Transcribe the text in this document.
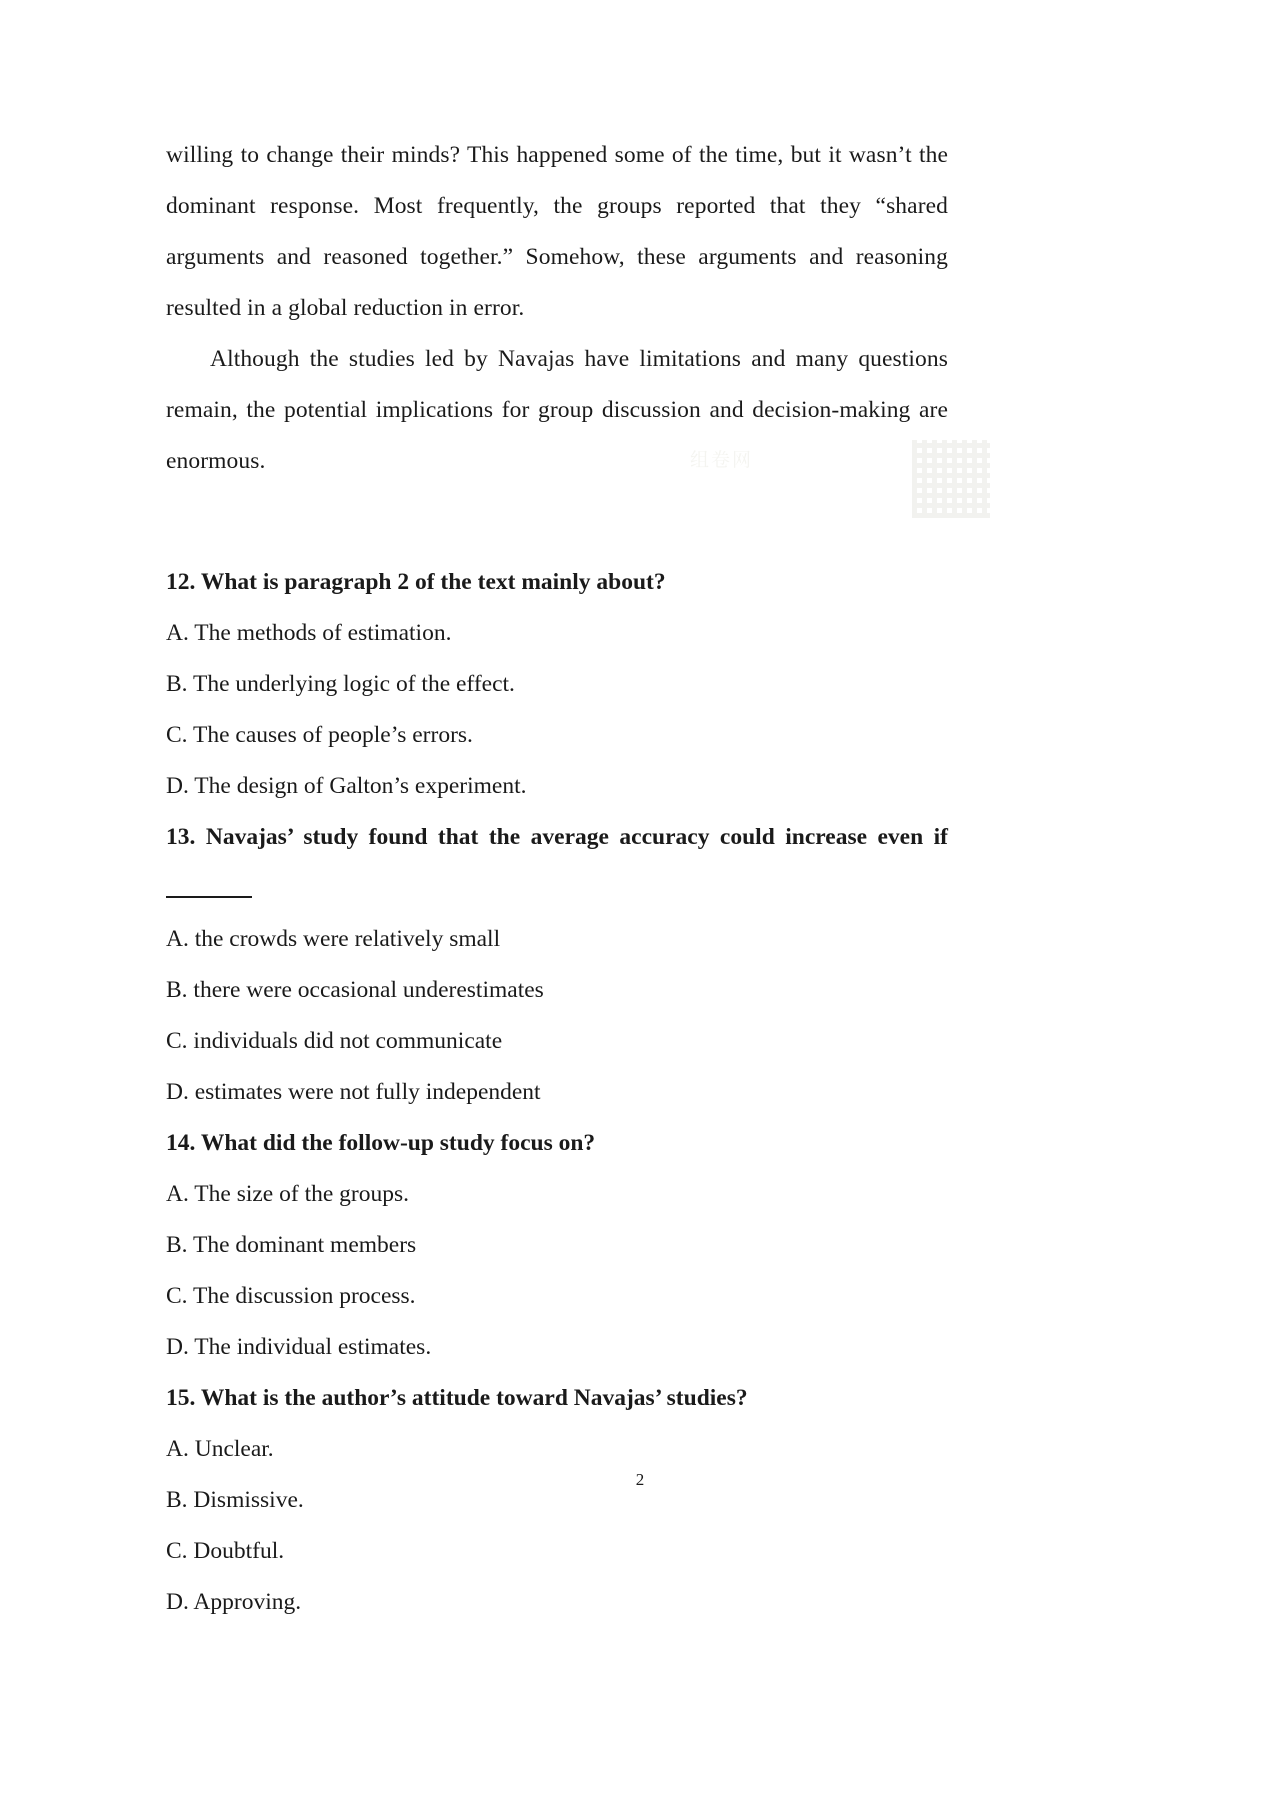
组卷网

willing to change their minds? This happened some of the time, but it wasn’t the dominant response. Most frequently, the groups reported that they “shared arguments and reasoned together.” Somehow, these arguments and reasoning resulted in a global reduction in error.

Although the studies led by Navajas have limitations and many questions remain, the potential implications for group discussion and decision-making are enormous.

12. What is paragraph 2 of the text mainly about?

A. The methods of estimation.

B. The underlying logic of the effect.

C. The causes of people’s errors.

D. The design of Galton’s experiment.

13. Navajas’ study found that the average accuracy could increase even if

A. the crowds were relatively small

B. there were occasional underestimates

C. individuals did not communicate

D. estimates were not fully independent

14. What did the follow-up study focus on?

A. The size of the groups.

B. The dominant members

C. The discussion process.

D. The individual estimates.

15. What is the author’s attitude toward Navajas’ studies?

A. Unclear.

B. Dismissive.

C. Doubtful.

D. Approving.

2
